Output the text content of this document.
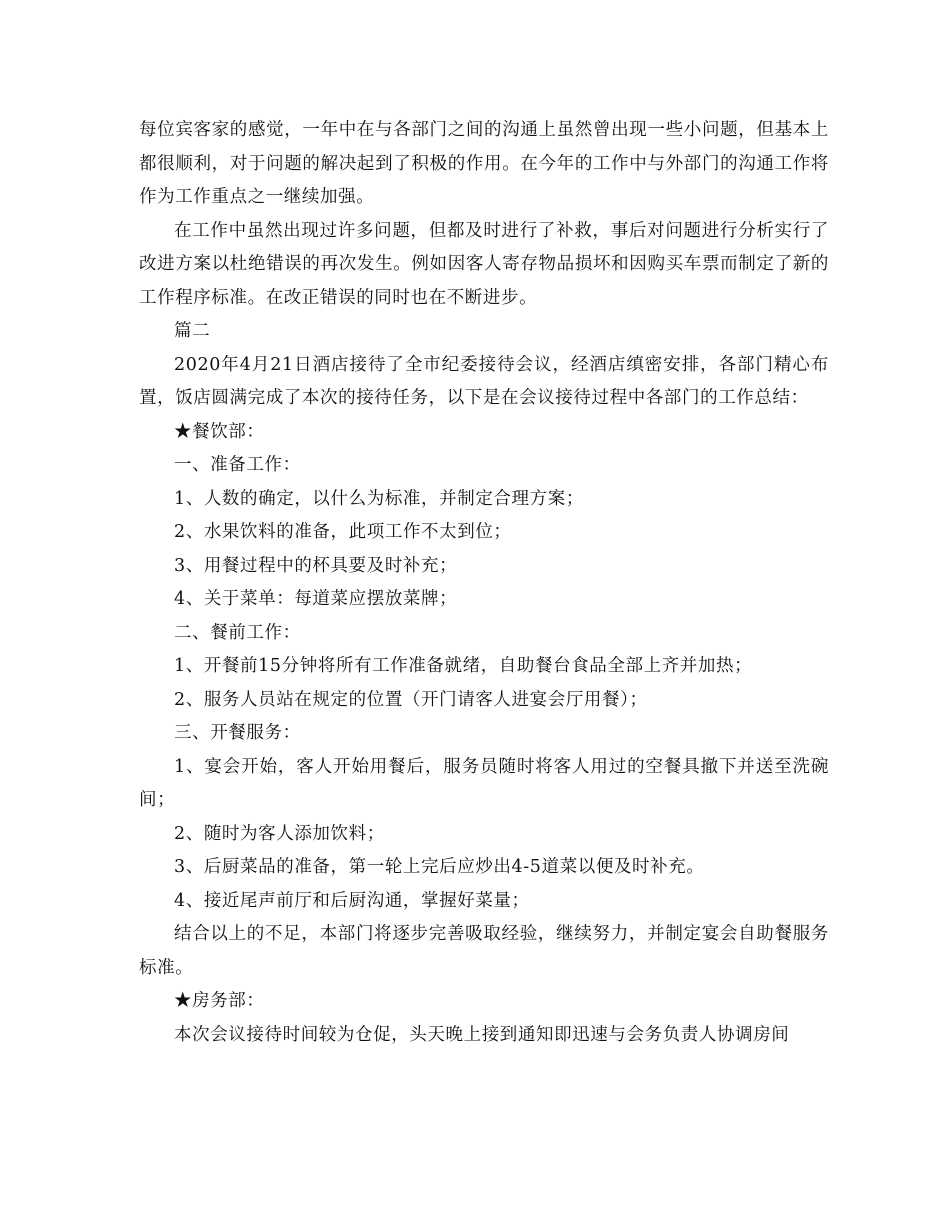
每位宾客家的感觉，一年中在与各部门之间的沟通上虽然曾出现一些小问题，但基本上都很顺利，对于问题的解决起到了积极的作用。在今年的工作中与外部门的沟通工作将作为工作重点之一继续加强。

在工作中虽然出现过许多问题，但都及时进行了补救，事后对问题进行分析实行了改进方案以杜绝错误的再次发生。例如因客人寄存物品损坏和因购买车票而制定了新的工作程序标准。在改正错误的同时也在不断进步。

篇二

2020年4月21日酒店接待了全市纪委接待会议，经酒店缜密安排，各部门精心布置，饭店圆满完成了本次的接待任务，以下是在会议接待过程中各部门的工作总结：

★餐饮部：

一、准备工作：

1、人数的确定，以什么为标准，并制定合理方案；

2、水果饮料的准备，此项工作不太到位；

3、用餐过程中的杯具要及时补充；

4、关于菜单：每道菜应摆放菜牌；

二、餐前工作：

1、开餐前15分钟将所有工作准备就绪，自助餐台食品全部上齐并加热；

2、服务人员站在规定的位置（开门请客人进宴会厅用餐）；

三、开餐服务：

1、宴会开始，客人开始用餐后，服务员随时将客人用过的空餐具撤下并送至洗碗间；

2、随时为客人添加饮料；

3、后厨菜品的准备，第一轮上完后应炒出4-5道菜以便及时补充。

4、接近尾声前厅和后厨沟通，掌握好菜量；

结合以上的不足，本部门将逐步完善吸取经验，继续努力，并制定宴会自助餐服务标准。

★房务部：

本次会议接待时间较为仓促，头天晚上接到通知即迅速与会务负责人协调房间
